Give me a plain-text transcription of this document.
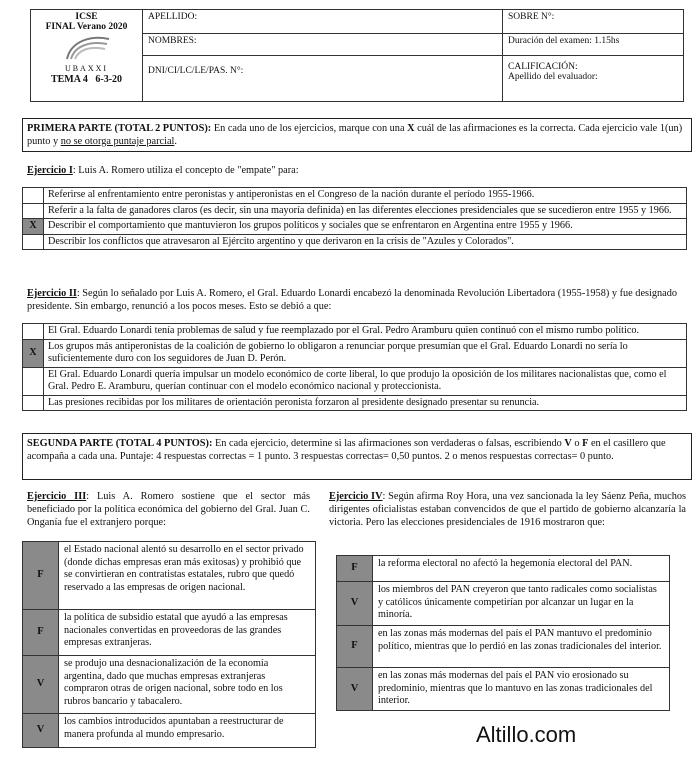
ICSE
FINAL Verano 2020
UBAXXI
TEMA 4 6-3-20	APELLIDO:	SOBRE N°:
	NOMBRES:	Duración del examen: 1.15hs
	DNI/CI/LC/LE/PAS. N°:	CALIFICACIÓN:
Apellido del evaluador:
PRIMERA PARTE (TOTAL 2 PUNTOS): En cada uno de los ejercicios, marque con una X cuál de las afirmaciones es la correcta. Cada ejercicio vale 1(un) punto y no se otorga puntaje parcial.
Ejercicio I: Luis A. Romero utiliza el concepto de "empate" para:
	Referirse al enfrentamiento entre peronistas y antiperonistas en el Congreso de la nación durante el período 1955-1966.
	Referir a la falta de ganadores claros (es decir, sin una mayoría definida) en las diferentes elecciones presidenciales que se sucedieron entre 1955 y 1966.
X	Describir el comportamiento que mantuvieron los grupos políticos y sociales que se enfrentaron en Argentina entre 1955 y 1966.
	Describir los conflictos que atravesaron al Ejército argentino y que derivaron en la crisis de "Azules y Colorados".
Ejercicio II: Según lo señalado por Luis A. Romero, el Gral. Eduardo Lonardi encabezó la denominada Revolución Libertadora (1955-1958) y fue designado presidente. Sin embargo, renunció a los pocos meses. Esto se debió a que:
	El Gral. Eduardo Lonardi tenía problemas de salud y fue reemplazado por el Gral. Pedro Aramburu quien continuó con el mismo rumbo político.
X	Los grupos más antiperonistas de la coalición de gobierno lo obligaron a renunciar porque presumían que el Gral. Eduardo Lonardi no sería lo suficientemente duro con los seguidores de Juan D. Perón.
	El Gral. Eduardo Lonardi quería impulsar un modelo económico de corte liberal, lo que produjo la oposición de los militares nacionalistas que, como el Gral. Pedro E. Aramburu, querían continuar con el modelo económico nacional y proteccionista.
	Las presiones recibidas por los militares de orientación peronista forzaron al presidente designado presentar su renuncia.
SEGUNDA PARTE (TOTAL 4 PUNTOS): En cada ejercicio, determine si las afirmaciones son verdaderas o falsas, escribiendo V o F en el casillero que acompaña a cada una. Puntaje: 4 respuestas correctas = 1 punto. 3 respuestas correctas= 0,50 puntos. 2 o menos respuestas correctas= 0 punto.
Ejercicio III: Luis A. Romero sostiene que el sector más beneficiado por la política económica del gobierno del Gral. Juan C. Onganía fue el extranjero porque:
F	el Estado nacional alentó su desarrollo en el sector privado (donde dichas empresas eran más exitosas) y prohibió que se convirtieran en contratistas estatales, rubro que quedó reservado a las empresas de origen nacional.
F	la política de subsidio estatal que ayudó a las empresas nacionales convertidas en proveedoras de las grandes empresas extranjeras.
V	se produjo una desnacionalización de la economía argentina, dado que muchas empresas extranjeras compraron otras de origen nacional, sobre todo en los rubros bancario y tabacalero.
V	los cambios introducidos apuntaban a reestructurar de manera profunda al mundo empresario.
Ejercicio IV: Según afirma Roy Hora, una vez sancionada la ley Sáenz Peña, muchos dirigentes oficialistas estaban convencidos de que el partido de gobierno alcanzaría la victoria. Pero las elecciones presidenciales de 1916 mostraron que:
F	la reforma electoral no afectó la hegemonía electoral del PAN.
V	los miembros del PAN creyeron que tanto radicales como socialistas y católicos únicamente competirían por alcanzar un lugar en la minoría.
F	en las zonas más modernas del país el PAN mantuvo el predominio político, mientras que lo perdió en las zonas tradicionales del interior.
V	en las zonas más modernas del país el PAN vio erosionado su predominio, mientras que lo mantuvo en las zonas tradicionales del interior.
Altillo.com
